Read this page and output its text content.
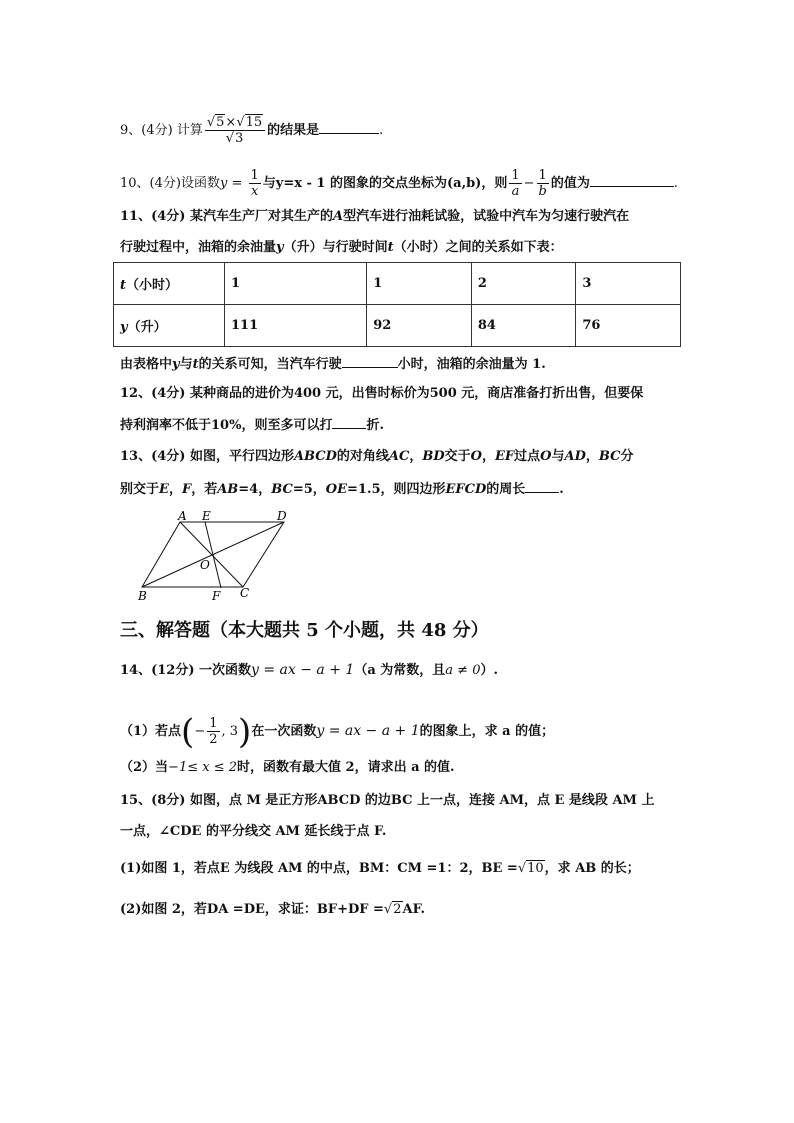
9、(4分) 计算 $\frac{√5\times√15}{√3}$ 的结果是	.
10、(4分)设函数$y = \frac{1}{x}$ 与y=x - 1 的图象的交点坐标为(a,b)，则 $\frac{1}{a} - \frac{1}{b}$ 的值为	.
11、(4分) 某汽车生产厂对其生产的A型汽车进行油耗试验，试验中汽车为匀速行驶汽在
行驶过程中，油箱的余油量y（升）与行驶时间t（小时）之间的关系如下表：
t（小时）	1	1	2	3
y（升）	111	92	84	76
由表格中y与t的关系可知，当汽车行驶	小时，油箱的余油量为 1.
12、(4分) 某种商品的进价为400 元，出售时标价为500 元，商店准备打折出售，但要保
持利润率不低于10%，则至多可以打	折.
13、(4分) 如图，平行四边形ABCD的对角线AC，BD交于O，EF过点O与AD，BC分
别交于E，F，若AB=4，BC=5，OE=1.5，则四边形EFCD的周长	.
A E	D
O
B	F C
三、解答题（本大题共 5 个小题，共 48 分）
14、(12分) 一次函数y = ax − a + 1（a 为常数，且a ≠ 0）.
（1）若点(− $\frac{1}{2}$ , 3)在一次函数y = ax − a + 1的图象上，求 a 的值；
（2）当−1≤ x ≤ 2时，函数有最大值 2，请求出 a 的值.
15、(8分) 如图，点 M 是正方形ABCD 的边BC 上一点，连接 AM，点 E 是线段 AM 上
一点，∠CDE 的平分线交 AM 延长线于点 F.
(1)如图 1，若点E 为线段 AM 的中点，BM：CM =1：2，BE =√10，求 AB 的长；
(2)如图 2，若DA =DE，求证：BF+DF =√2AF.
